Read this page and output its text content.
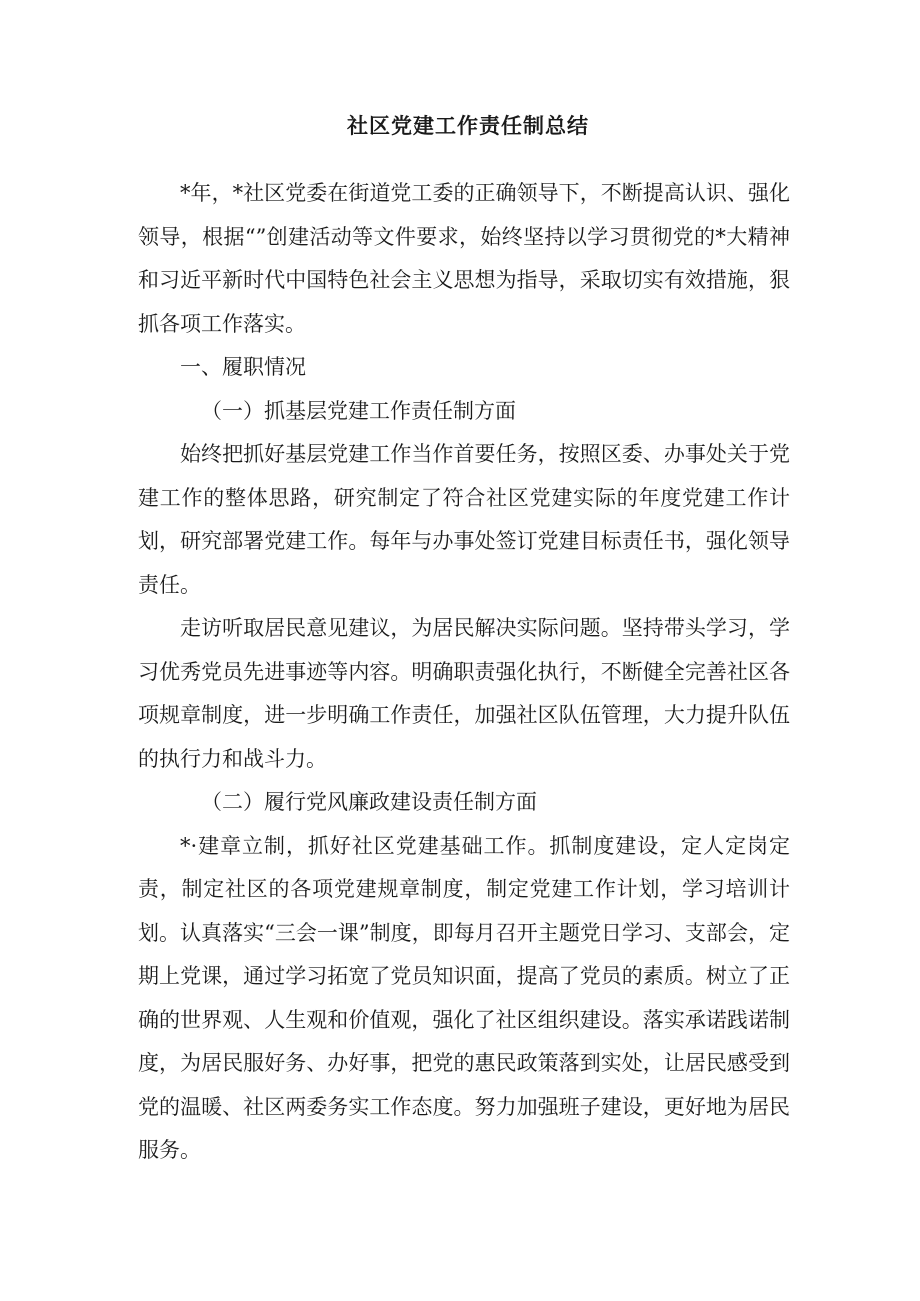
社区党建工作责任制总结

*年，*社区党委在街道党工委的正确领导下，不断提高认识、强化领导，根据“”创建活动等文件要求，始终坚持以学习贯彻党的*大精神和习近平新时代中国特色社会主义思想为指导，采取切实有效措施，狠抓各项工作落实。

一、履职情况

（一）抓基层党建工作责任制方面

始终把抓好基层党建工作当作首要任务，按照区委、办事处关于党建工作的整体思路，研究制定了符合社区党建实际的年度党建工作计划，研究部署党建工作。每年与办事处签订党建目标责任书，强化领导责任。

走访听取居民意见建议，为居民解决实际问题。坚持带头学习，学习优秀党员先进事迹等内容。明确职责强化执行，不断健全完善社区各项规章制度，进一步明确工作责任，加强社区队伍管理，大力提升队伍的执行力和战斗力。

（二）履行党风廉政建设责任制方面

*·建章立制，抓好社区党建基础工作。抓制度建设，定人定岗定责，制定社区的各项党建规章制度，制定党建工作计划，学习培训计划。认真落实“三会一课”制度，即每月召开主题党日学习、支部会，定期上党课，通过学习拓宽了党员知识面，提高了党员的素质。树立了正确的世界观、人生观和价值观，强化了社区组织建设。落实承诺践诺制度，为居民服好务、办好事，把党的惠民政策落到实处，让居民感受到党的温暖、社区两委务实工作态度。努力加强班子建设，更好地为居民服务。
